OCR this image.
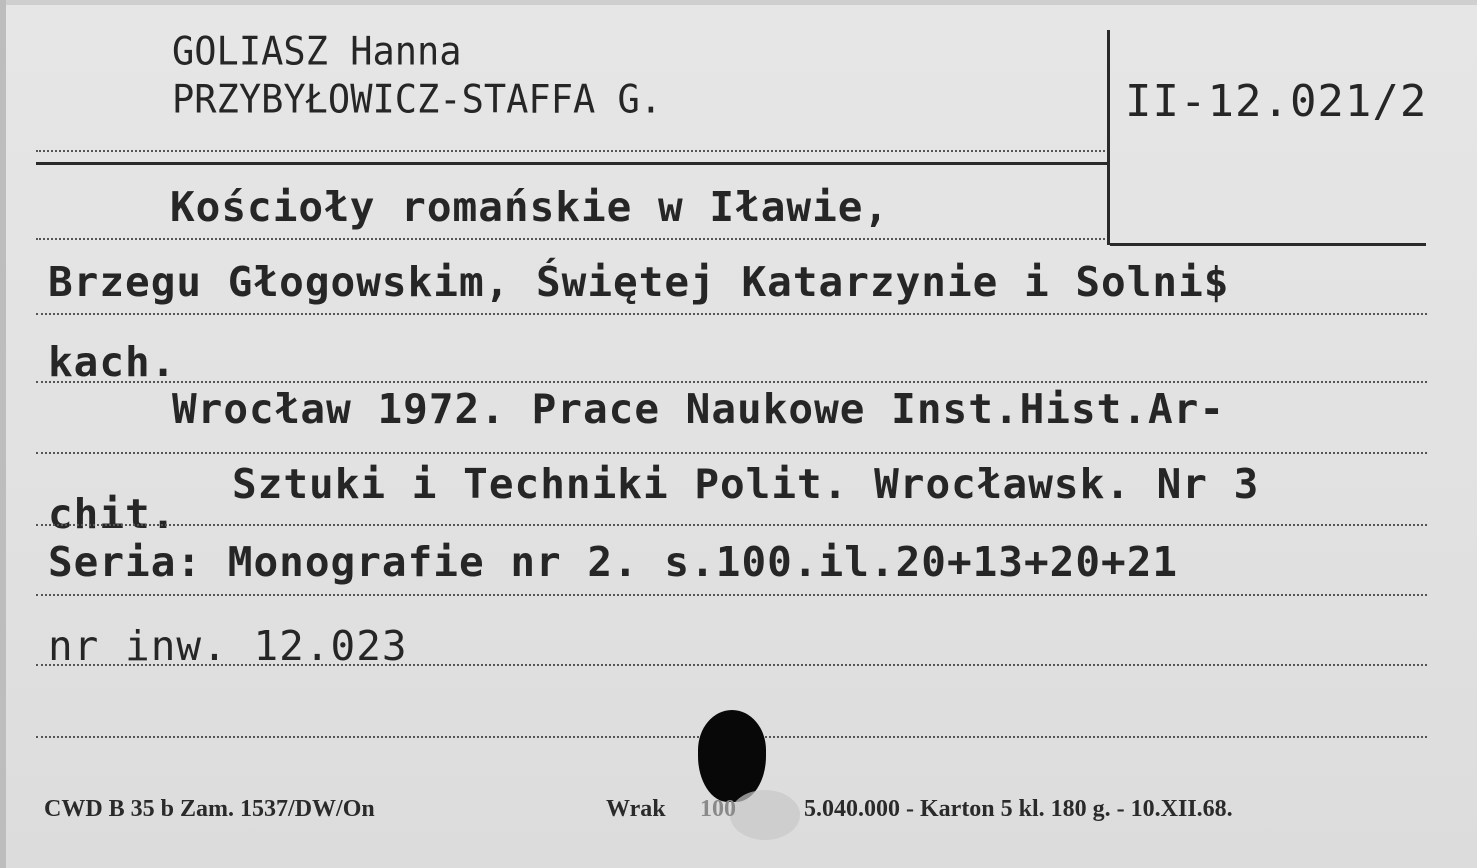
GOLIASZ Hanna
PRZYBYŁOWICZ-STAFFA G.	II-12.021/2
Kościoły romańskie w Iławie,
Brzegu Głogowskim, Świętej Katarzynie i Solni$
kach.
Wrocław 1972. Prace Naukowe Inst.Hist.Ar-
chit.
Sztuki i Techniki Polit. Wrocławsk. Nr 3
Seria: Monografie nr 2. s.100.il.20+13+20+21
nr inw. 12.023
CWD B 35 b Zam. 1537/DW/On	Wrak 100	5.040.000 - Karton 5 kl. 180 g. - 10.XII.68.
